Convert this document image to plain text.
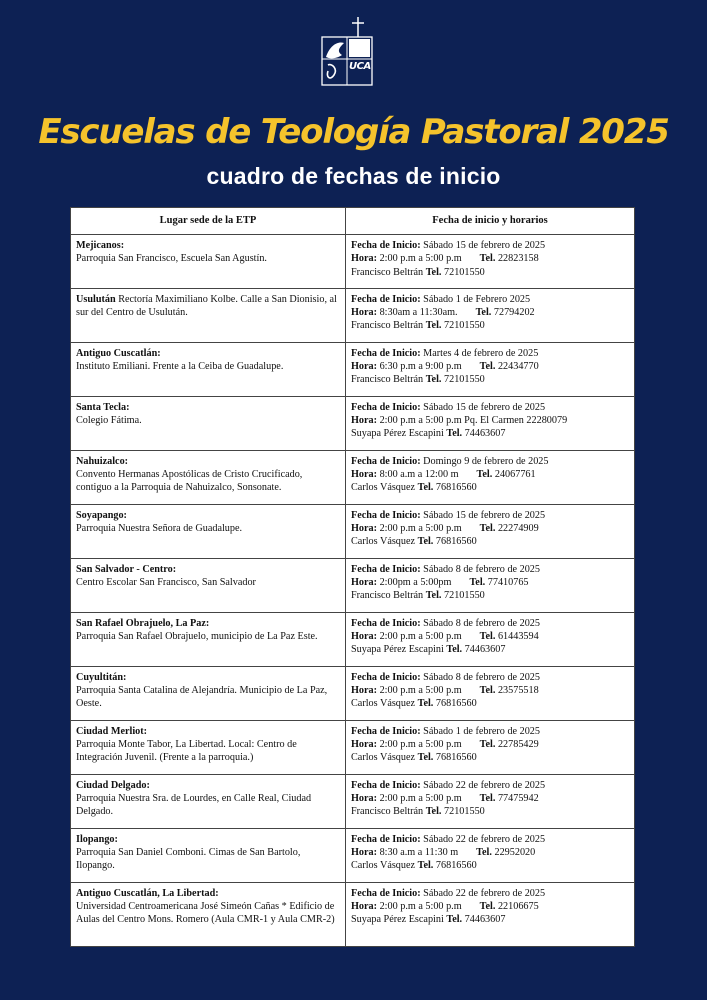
UCA
Escuelas de Teología Pastoral 2025
cuadro de fechas de inicio
Lugar sede de la ETP	Fecha de inicio y horarios

Mejicanos:
Parroquia San Francisco, Escuela San Agustín.	Fecha de Inicio: Sábado 15 de febrero de 2025
Hora: 2:00 p.m a 5:00 p.m Tel. 22823158
Francisco Beltrán Tel. 72101550

Usulután Rectoría Maximiliano Kolbe. Calle a San Dionisio, al sur del Centro de Usulután.	Fecha de Inicio: Sábado 1 de Febrero 2025
Hora: 8:30am a 11:30am. Tel. 72794202
Francisco Beltrán Tel. 72101550

Antiguo Cuscatlán:
Instituto Emiliani. Frente a la Ceiba de Guadalupe.	Fecha de Inicio: Martes 4 de febrero de 2025
Hora: 6:30 p.m a 9:00 p.m Tel. 22434770
Francisco Beltrán Tel. 72101550

Santa Tecla:
Colegio Fátima.	Fecha de Inicio: Sábado 15 de febrero de 2025
Hora: 2:00 p.m a 5:00 p.m Pq. El Carmen 22280079
Suyapa Pérez Escapini Tel. 74463607

Nahuizalco:
Convento Hermanas Apostólicas de Cristo Crucificado, contiguo a la Parroquia de Nahuizalco, Sonsonate.	Fecha de Inicio: Domingo 9 de febrero de 2025
Hora: 8:00 a.m a 12:00 m Tel. 24067761
Carlos Vásquez Tel. 76816560

Soyapango:
Parroquia Nuestra Señora de Guadalupe.	Fecha de Inicio: Sábado 15 de febrero de 2025
Hora: 2:00 p.m a 5:00 p.m Tel. 22274909
Carlos Vásquez Tel. 76816560

San Salvador - Centro:
Centro Escolar San Francisco, San Salvador	Fecha de Inicio: Sábado 8 de febrero de 2025
Hora: 2:00pm a 5:00pm Tel. 77410765
Francisco Beltrán Tel. 72101550

San Rafael Obrajuelo, La Paz:
Parroquia San Rafael Obrajuelo, municipio de La Paz Este.	Fecha de Inicio: Sábado 8 de febrero de 2025
Hora: 2:00 p.m a 5:00 p.m Tel. 61443594
Suyapa Pérez Escapini Tel. 74463607

Cuyultitán:
Parroquia Santa Catalina de Alejandría. Municipio de La Paz, Oeste.	Fecha de Inicio: Sábado 8 de febrero de 2025
Hora: 2:00 p.m a 5:00 p.m Tel. 23575518
Carlos Vásquez Tel. 76816560

Ciudad Merliot:
Parroquia Monte Tabor, La Libertad. Local: Centro de Integración Juvenil. (Frente a la parroquia.)	Fecha de Inicio: Sábado 1 de febrero de 2025
Hora: 2:00 p.m a 5:00 p.m Tel. 22785429
Carlos Vásquez Tel. 76816560

Ciudad Delgado:
Parroquia Nuestra Sra. de Lourdes, en Calle Real, Ciudad Delgado.	Fecha de Inicio: Sábado 22 de febrero de 2025
Hora: 2:00 p.m a 5:00 p.m Tel. 77475942
Francisco Beltrán Tel. 72101550

Ilopango:
Parroquia San Daniel Comboni. Cimas de San Bartolo, Ilopango.	Fecha de Inicio: Sábado 22 de febrero de 2025
Hora: 8:30 a.m a 11:30 m Tel. 22952020
Carlos Vásquez Tel. 76816560

Antiguo Cuscatlán, La Libertad:
Universidad Centroamericana José Simeón Cañas * Edificio de Aulas del Centro Mons. Romero (Aula CMR-1 y Aula CMR-2)	Fecha de Inicio: Sábado 22 de febrero de 2025
Hora: 2:00 p.m a 5:00 p.m Tel. 22106675
Suyapa Pérez Escapini Tel. 74463607
